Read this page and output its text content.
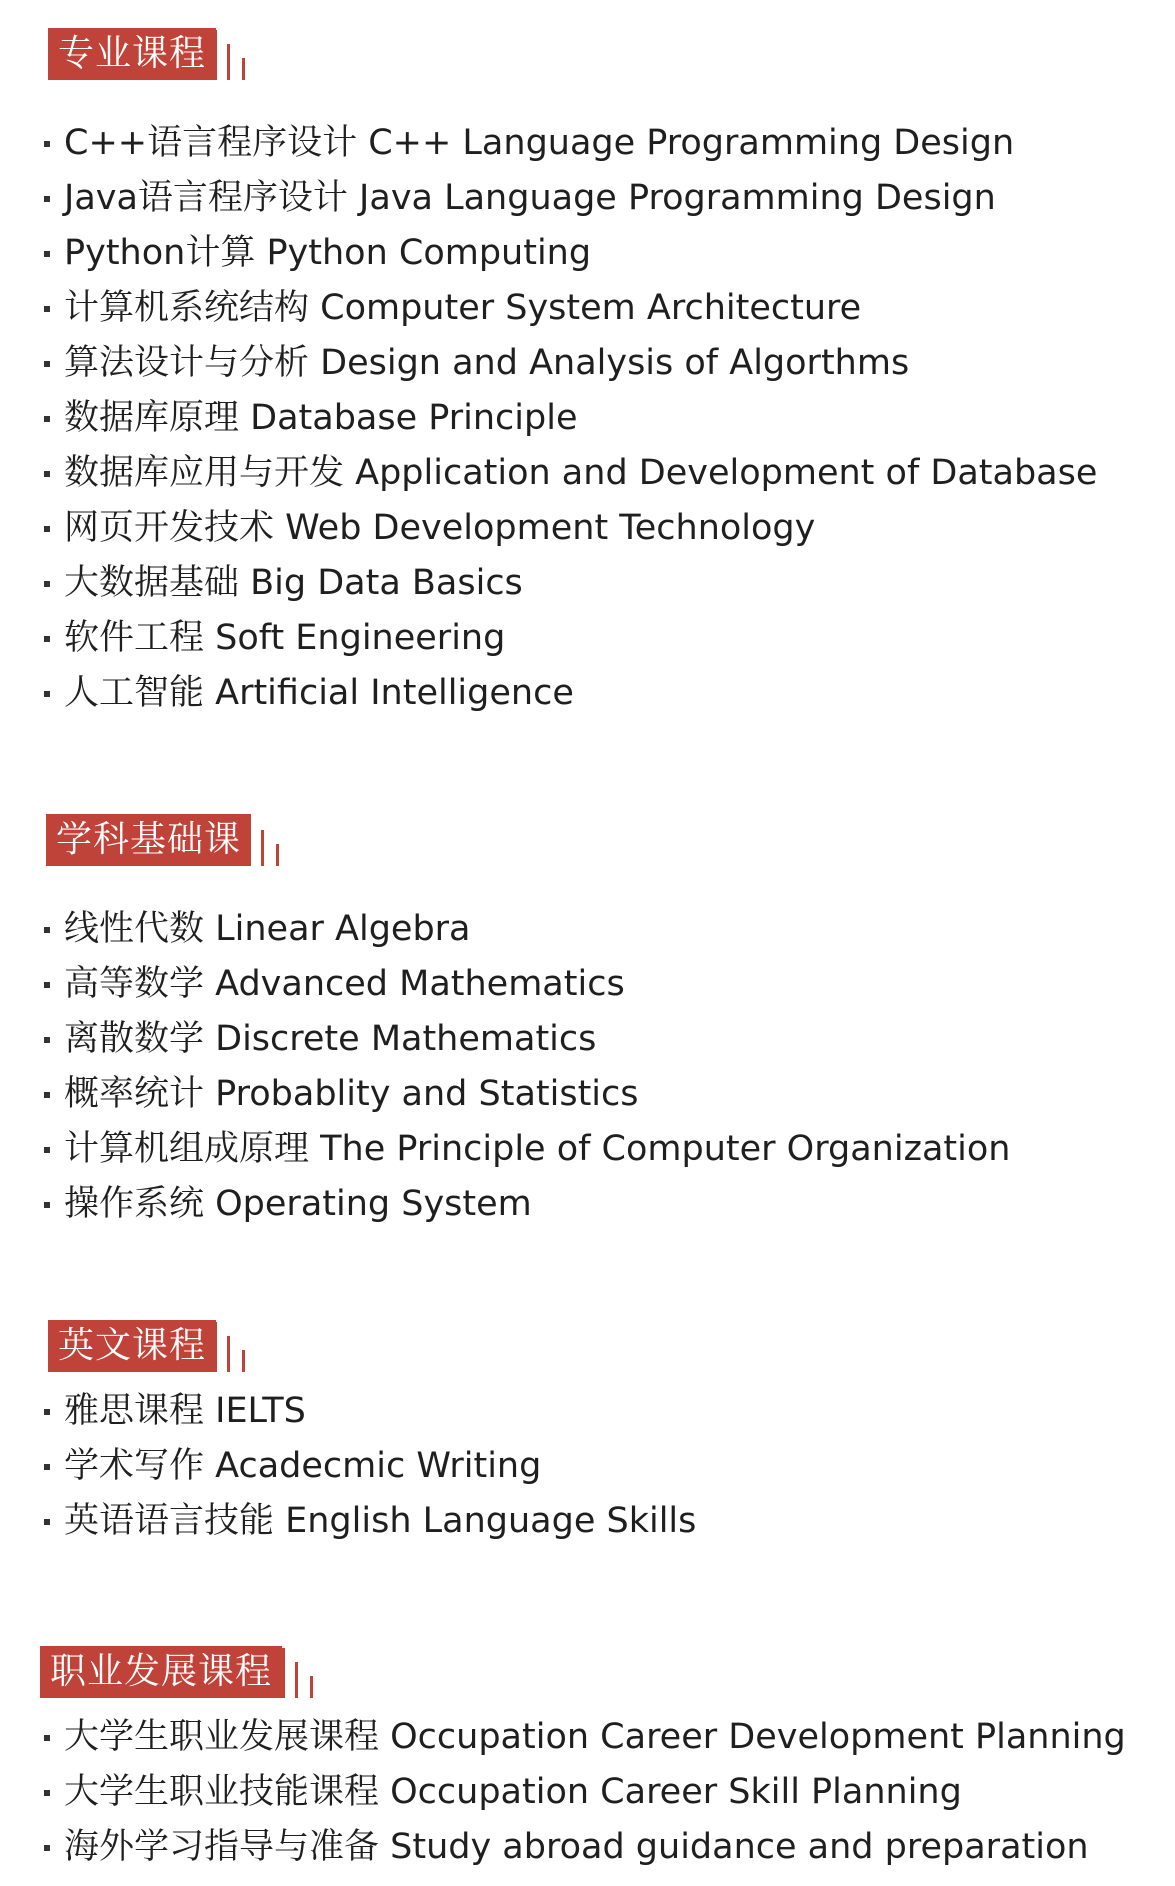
专业课程
C++语言程序设计 C++ Language Programming Design
Java语言程序设计 Java Language Programming Design
Python计算 Python Computing
计算机系统结构 Computer System Architecture
算法设计与分析 Design and Analysis of Algorthms
数据库原理 Database Principle
数据库应用与开发 Application and Development of Database
网页开发技术 Web Development Technology
大数据基础 Big Data Basics
软件工程 Soft Engineering
人工智能 Artificial Intelligence
学科基础课
线性代数 Linear Algebra
高等数学 Advanced Mathematics
离散数学 Discrete Mathematics
概率统计 Probablity and Statistics
计算机组成原理 The Principle of Computer Organization
操作系统 Operating System
英文课程
雅思课程 IELTS
学术写作 Acadecmic Writing
英语语言技能 English Language Skills
职业发展课程
大学生职业发展课程 Occupation Career Development Planning
大学生职业技能课程 Occupation Career Skill Planning
海外学习指导与准备 Study abroad guidance and preparation
